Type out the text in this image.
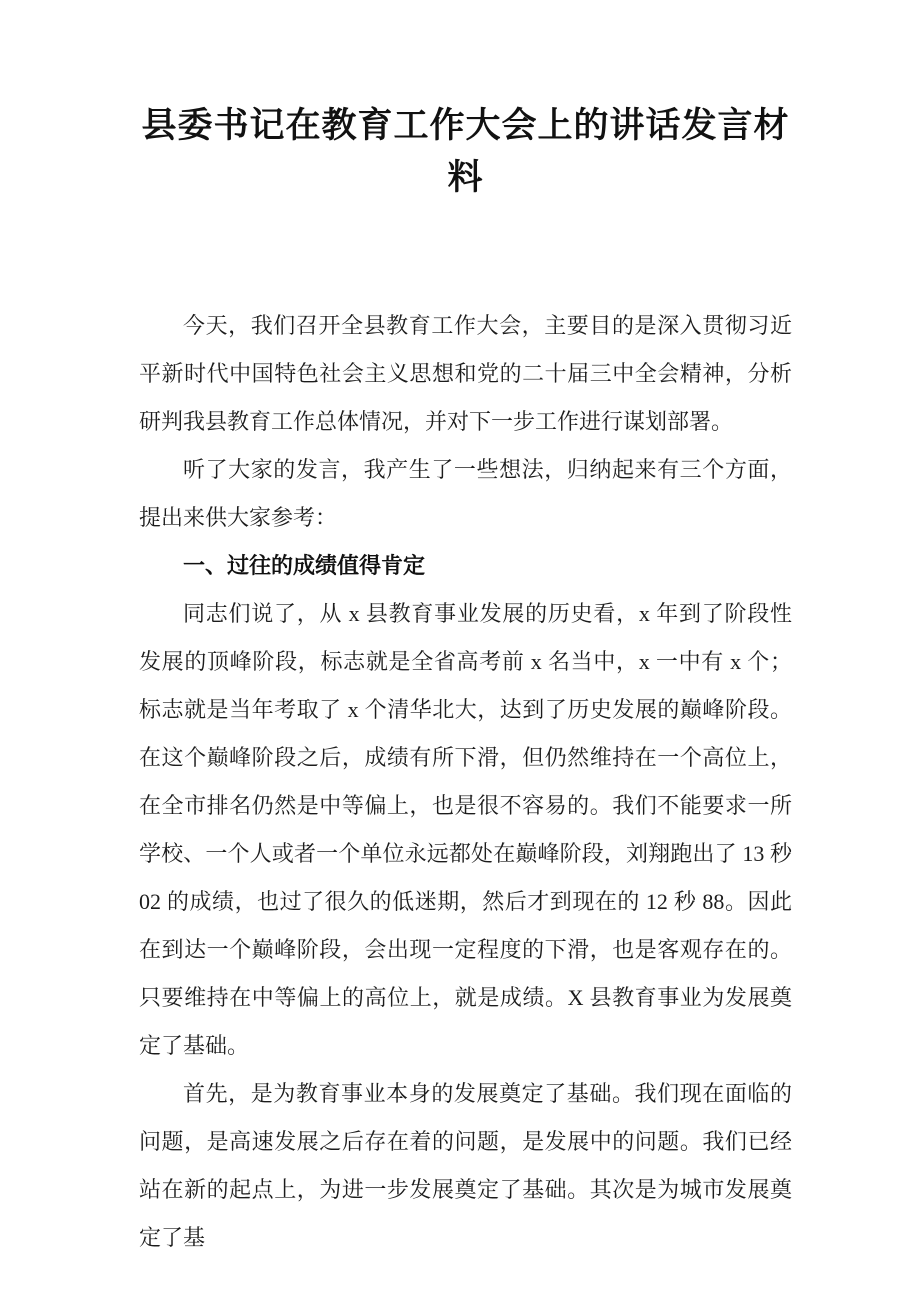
县委书记在教育工作大会上的讲话发言材料

今天，我们召开全县教育工作大会，主要目的是深入贯彻习近平新时代中国特色社会主义思想和党的二十届三中全会精神，分析研判我县教育工作总体情况，并对下一步工作进行谋划部署。

听了大家的发言，我产生了一些想法，归纳起来有三个方面，提出来供大家参考：

一、过往的成绩值得肯定

同志们说了，从 x 县教育事业发展的历史看，x 年到了阶段性发展的顶峰阶段，标志就是全省高考前 x 名当中，x 一中有 x 个；标志就是当年考取了 x 个清华北大，达到了历史发展的巅峰阶段。在这个巅峰阶段之后，成绩有所下滑，但仍然维持在一个高位上，在全市排名仍然是中等偏上，也是很不容易的。我们不能要求一所学校、一个人或者一个单位永远都处在巅峰阶段，刘翔跑出了 13 秒 02 的成绩，也过了很久的低迷期，然后才到现在的 12 秒 88。因此在到达一个巅峰阶段，会出现一定程度的下滑，也是客观存在的。只要维持在中等偏上的高位上，就是成绩。X 县教育事业为发展奠定了基础。

首先，是为教育事业本身的发展奠定了基础。我们现在面临的问题，是高速发展之后存在着的问题，是发展中的问题。我们已经站在新的起点上，为进一步发展奠定了基础。其次是为城市发展奠定了基
